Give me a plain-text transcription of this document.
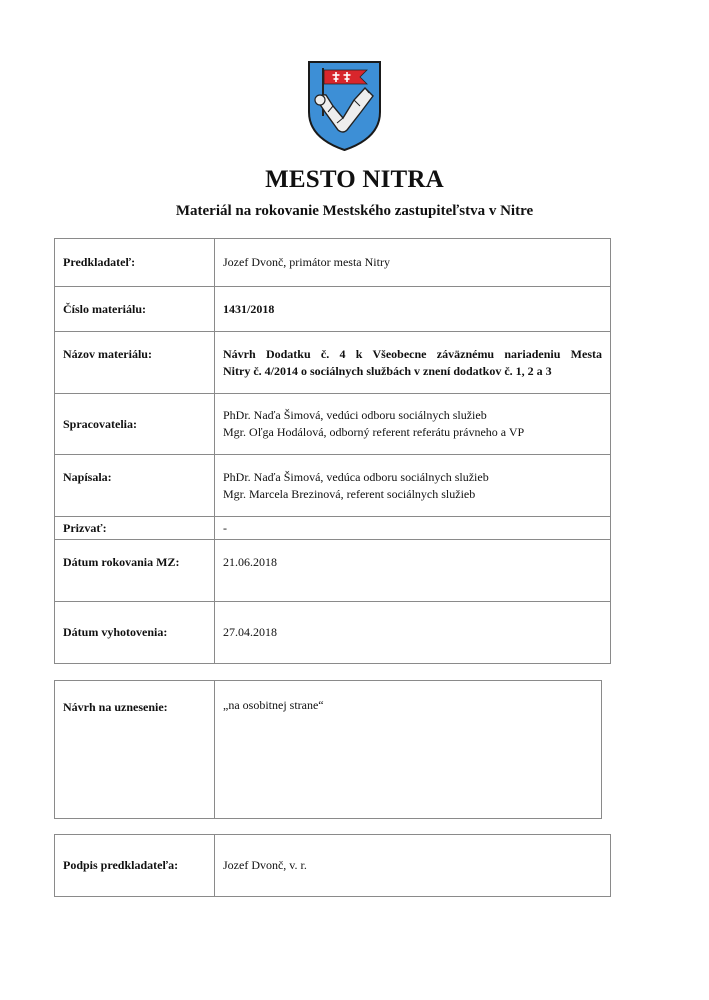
MESTO NITRA
Materiál na rokovanie Mestského zastupiteľstva v Nitre
Predkladateľ:	Jozef Dvonč, primátor mesta Nitry

Číslo materiálu:	1431/2018

Názov materiálu:	Návrh Dodatku č. 4 k Všeobecne záväznému nariadeniu Mesta
Nitry č. 4/2014 o sociálnych službách v znení dodatkov č. 1, 2 a 3

Spracovatelia:	PhDr. Naďa Šimová, vedúci odboru sociálnych služieb
Mgr. Oľga Hodálová, odborný referent referátu právneho a VP

Napísala:	PhDr. Naďa Šimová, vedúca odboru sociálnych služieb
Mgr. Marcela Brezinová, referent sociálnych služieb

Prizvať:	-

Dátum rokovania MZ:	21.06.2018

Dátum vyhotovenia:	27.04.2018
Návrh na uznesenie:	„na osobitnej strane“
Podpis predkladateľa:	Jozef Dvonč, v. r.
